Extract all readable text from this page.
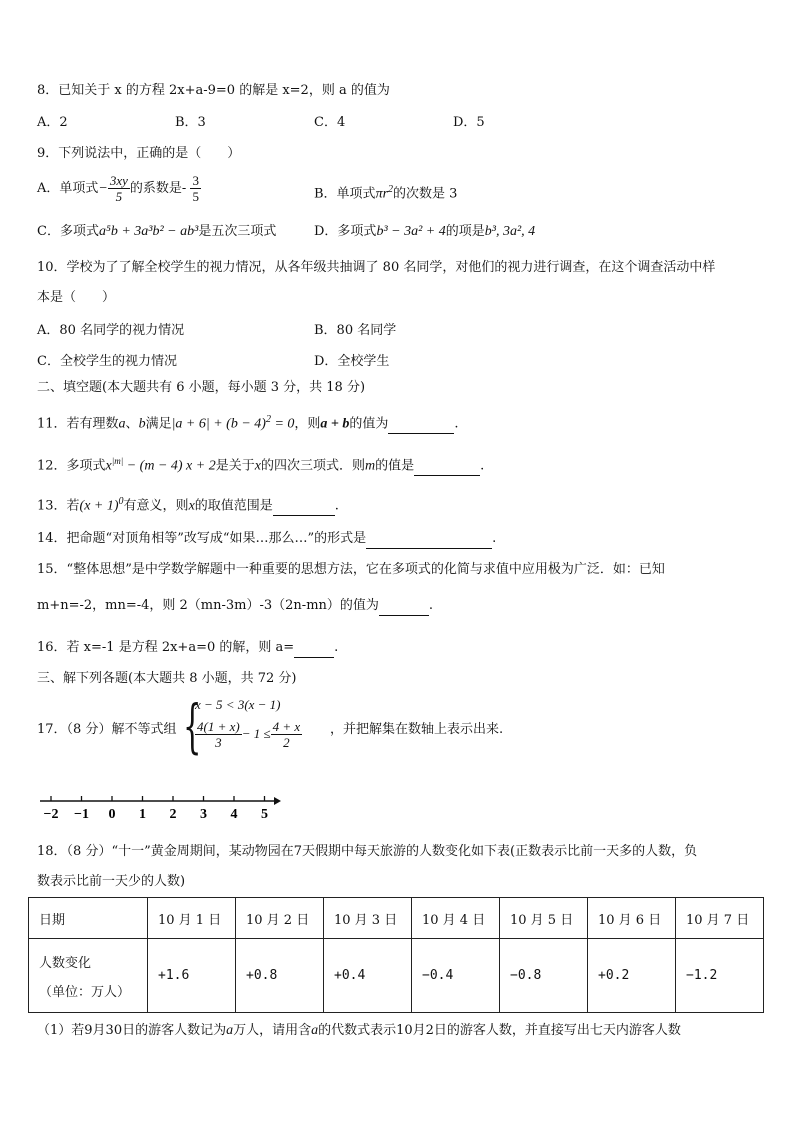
8．已知关于 x 的方程 2x+a-9=0 的解是 x=2，则 a 的值为
A．2	B．3	C．4	D．5
9．下列说法中，正确的是（　　）
A．单项式− $\frac{3xy}{5}$ 的系数是- $\frac{3}{5}$	B．单项式$\pi r^2$的次数是 3
C．多项式a⁵b + 3a³b² − ab³是五次三项式	D．多项式b³ − 3a² + 4的项是b³, 3a², 4
10．学校为了了解全校学生的视力情况，从各年级共抽调了 80 名同学，对他们的视力进行调查，在这个调查活动中样
本是（　　）
A．80 名同学的视力情况	B．80 名同学
C．全校学生的视力情况	D．全校学生
二、填空题(本大题共有 6 小题，每小题 3 分，共 18 分)
11．若有理数a、b满足$|a + 6| + (b - 4)^2 = 0$，则a + b的值为	.
12．多项式$x^{|m|} - (m - 4) x + 2$是关于x的四次三项式．则m的值是	.
13．若$(x + 1)^0$有意义，则x的取值范围是	.
14．把命题“对顶角相等”改写成“如果…那么…”的形式是	.
15．“整体思想”是中学数学解题中一种重要的思想方法，它在多项式的化简与求值中应用极为广泛．如：已知
m+n=-2，mn=-4，则 2（mn-3m）-3（2n-mn）的值为	.
16．若 x=-1 是方程 2x+a=0 的解，则 a=	.
三、解下列各题(本大题共 8 小题，共 72 分)
17．（8 分）解不等式组 {
x − 5 < 3(x − 1)
$\frac{4(1 + x)}{3} - 1 \le \frac{4 + x}{2}$ ，并把解集在数轴上表示出来.
−2 −1 0 1 2 3 4 5
18．（8 分）“十一”黄金周期间，某动物园在7天假期中每天旅游的人数变化如下表(正数表示比前一天多的人数，负
数表示比前一天少的人数)
日期	10 月 1 日	10 月 2 日	10 月 3 日	10 月 4 日	10 月 5 日	10 月 6 日	10 月 7 日

人数变化
（单位：万人）	+1.6	+0.8	+0.4	−0.4	−0.8	+0.2	−1.2
（1）若9月30日的游客人数记为a万人，请用含a的代数式表示10月2日的游客人数，并直接写出七天内游客人数
